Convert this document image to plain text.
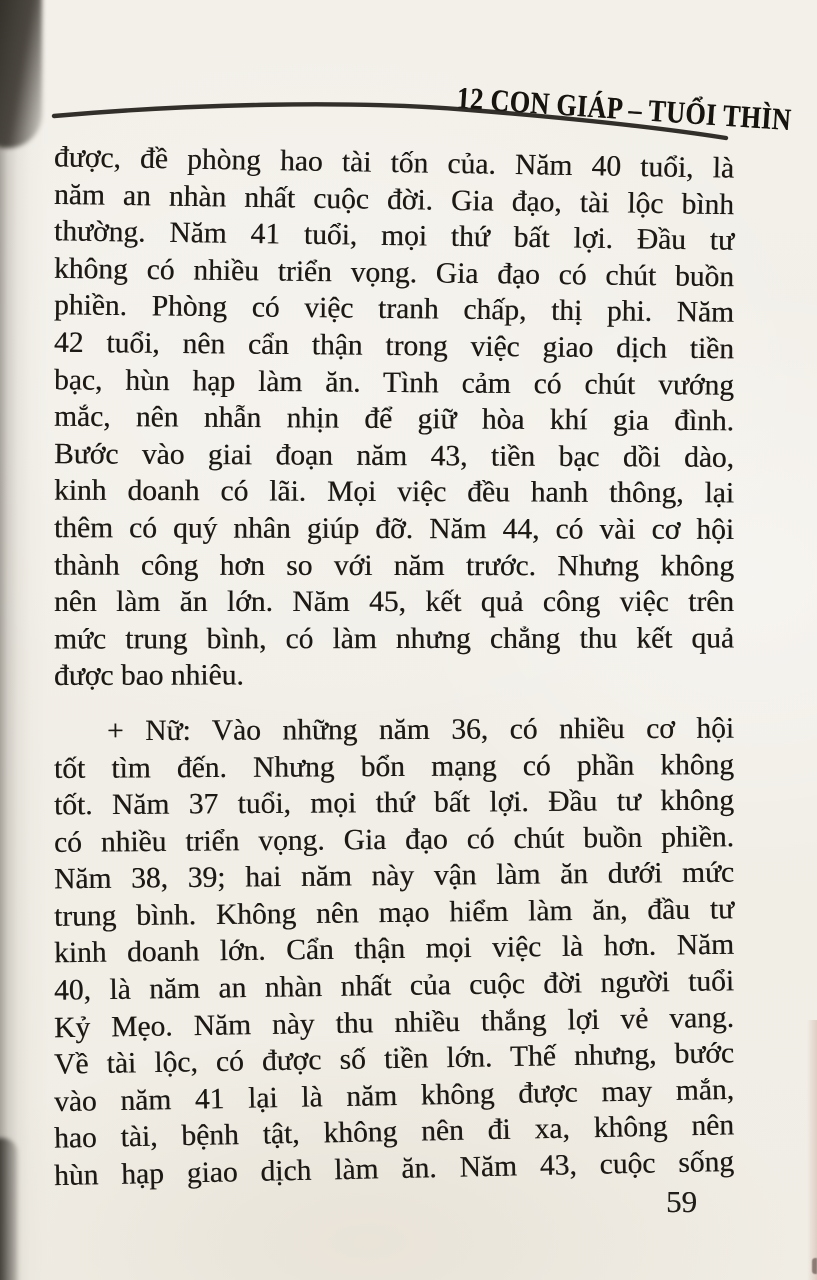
12 CON GIÁP – TUỔI THÌN
được, đề phòng hao tài tốn của. Năm 40 tuổi, là
năm an nhàn nhất cuộc đời. Gia đạo, tài lộc bình
thường. Năm 41 tuổi, mọi thứ bất lợi. Đầu tư
không có nhiều triển vọng. Gia đạo có chút buồn
phiền. Phòng có việc tranh chấp, thị phi. Năm
42 tuổi, nên cẩn thận trong việc giao dịch tiền
bạc, hùn hạp làm ăn. Tình cảm có chút vướng
mắc, nên nhẫn nhịn để giữ hòa khí gia đình.
Bước vào giai đoạn năm 43, tiền bạc dồi dào,
kinh doanh có lãi. Mọi việc đều hanh thông, lại
thêm có quý nhân giúp đỡ. Năm 44, có vài cơ hội
thành công hơn so với năm trước. Nhưng không
nên làm ăn lớn. Năm 45, kết quả công việc trên
mức trung bình, có làm nhưng chẳng thu kết quả
được bao nhiêu.
+ Nữ: Vào những năm 36, có nhiều cơ hội
tốt tìm đến. Nhưng bổn mạng có phần không
tốt. Năm 37 tuổi, mọi thứ bất lợi. Đầu tư không
có nhiều triển vọng. Gia đạo có chút buồn phiền.
Năm 38, 39; hai năm này vận làm ăn dưới mức
trung bình. Không nên mạo hiểm làm ăn, đầu tư
kinh doanh lớn. Cẩn thận mọi việc là hơn. Năm
40, là năm an nhàn nhất của cuộc đời người tuổi
Kỷ Mẹo. Năm này thu nhiều thắng lợi vẻ vang.
Về tài lộc, có được số tiền lớn. Thế nhưng, bước
vào năm 41 lại là năm không được may mắn,
hao tài, bệnh tật, không nên đi xa, không nên
hùn hạp giao dịch làm ăn. Năm 43, cuộc sống
59
